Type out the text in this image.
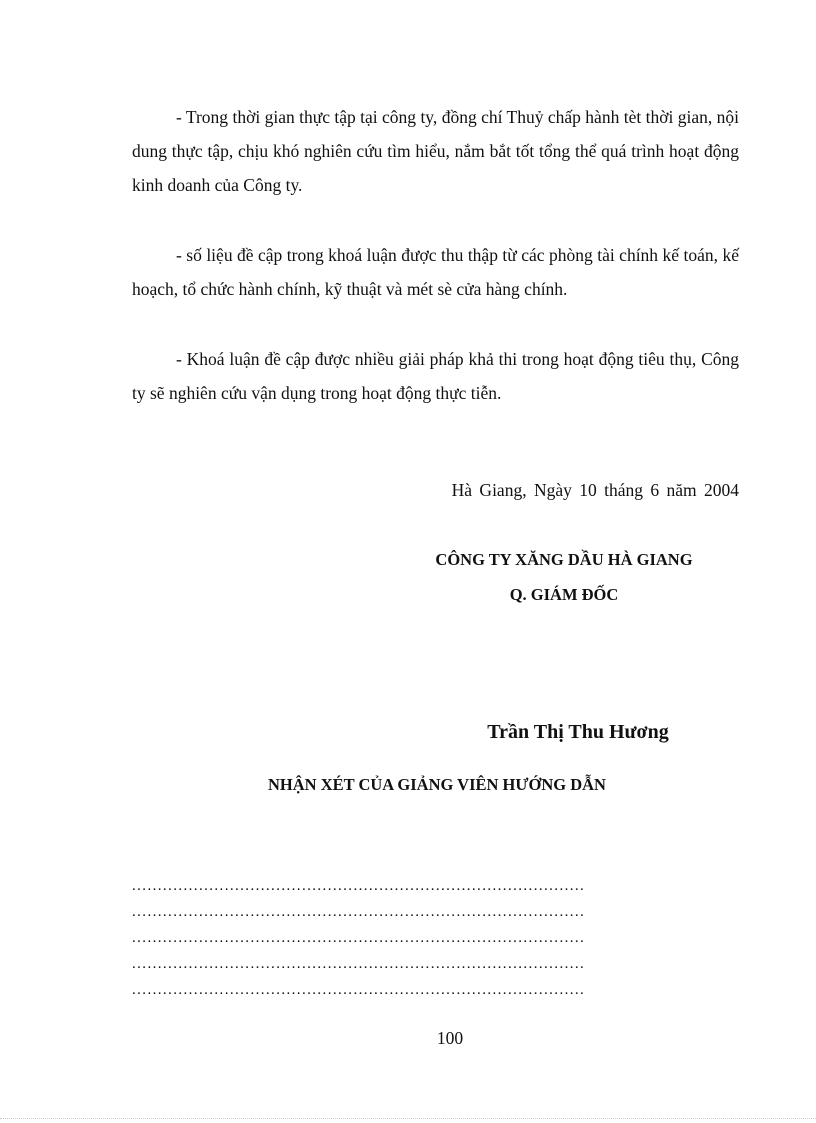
- Trong thời gian thực tập tại công ty, đồng chí Thuỷ chấp hành tèt thời gian, nội dung thực tập, chịu khó nghiên cứu tìm hiểu, nắm bắt tốt tổng thể quá trình hoạt động kinh doanh của Công ty.

- số liệu đề cập trong khoá luận được thu thập từ các phòng tài chính kế toán, kế hoạch, tổ chức hành chính, kỹ thuật và mét sè cửa hàng chính.

- Khoá luận đề cập được nhiều giải pháp khả thi trong hoạt động tiêu thụ, Công ty sẽ nghiên cứu vận dụng trong hoạt động thực tiễn.

Hà Giang, Ngày 10 tháng 6 năm 2004
CÔNG TY XĂNG DẦU HÀ GIANG
Q. GIÁM ĐỐC
Trần Thị Thu Hương
NHẬN XÉT CỦA GIẢNG VIÊN HƯỚNG DẪN
........................................................................................
........................................................................................
........................................................................................
........................................................................................
........................................................................................
100
